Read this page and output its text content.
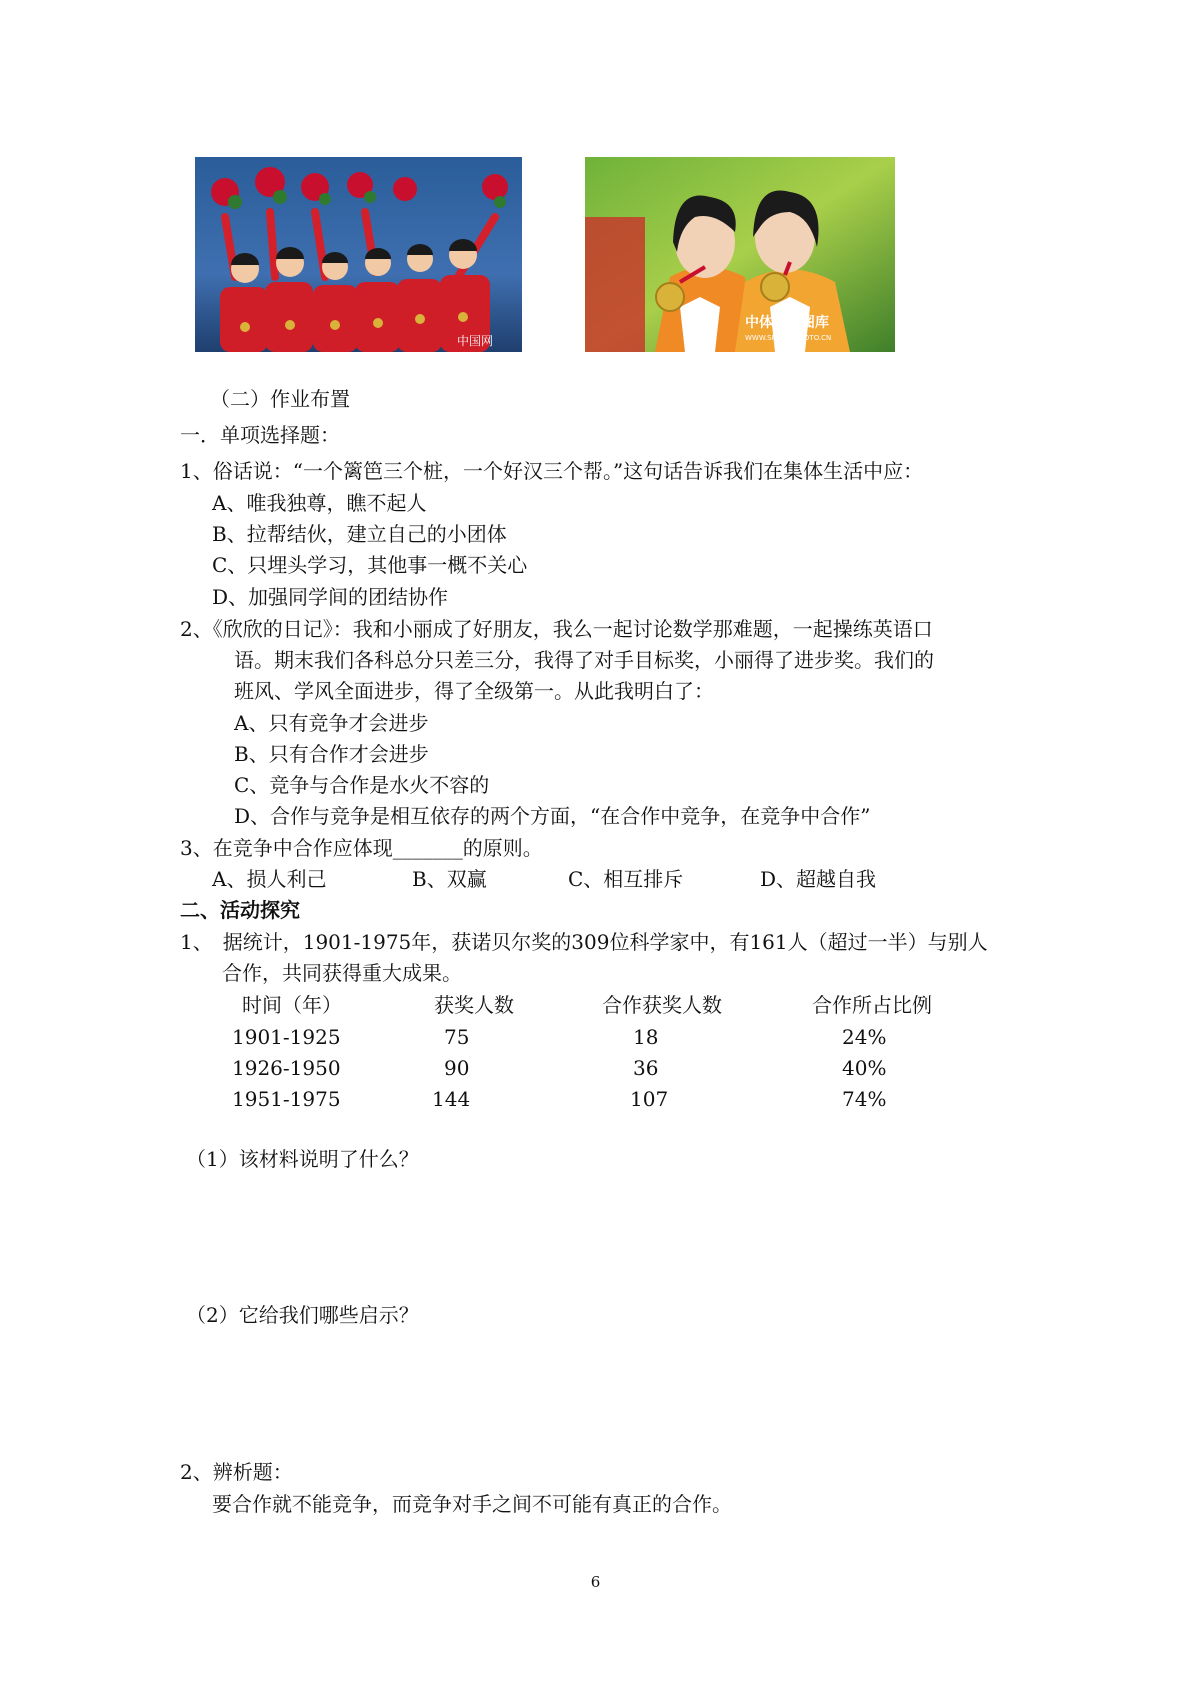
中国网
中体在线图库
WWW.SPORTSPHOTO.CN
（二）作业布置
一．单项选择题：
1、俗话说：“一个篱笆三个桩，一个好汉三个帮。”这句话告诉我们在集体生活中应：
A、唯我独尊，瞧不起人
B、拉帮结伙，建立自己的小团体
C、只埋头学习，其他事一概不关心
D、加强同学间的团结协作
2、《欣欣的日记》：我和小丽成了好朋友，我么一起讨论数学那难题，一起操练英语口
语。期末我们各科总分只差三分，我得了对手目标奖，小丽得了进步奖。我们的
班风、学风全面进步，得了全级第一。从此我明白了：
A、只有竞争才会进步
B、只有合作才会进步
C、竞争与合作是水火不容的
D、合作与竞争是相互依存的两个方面，“在合作中竞争，在竞争中合作”
3、在竞争中合作应体现_______的原则。
A、损人利己	B、双赢	C、相互排斥	D、超越自我
二、活动探究
1、　据统计，1901-1975年，获诺贝尔奖的309位科学家中，有161人（超过一半）与别人
合作，共同获得重大成果。
时间（年）	获奖人数	合作获奖人数	合作所占比例
1901-1925	75	18	24%
1926-1950	90	36	40%
1951-1975	144	107	74%
（1）该材料说明了什么？
（2）它给我们哪些启示？
2、辨析题：
要合作就不能竞争，而竞争对手之间不可能有真正的合作。
6
